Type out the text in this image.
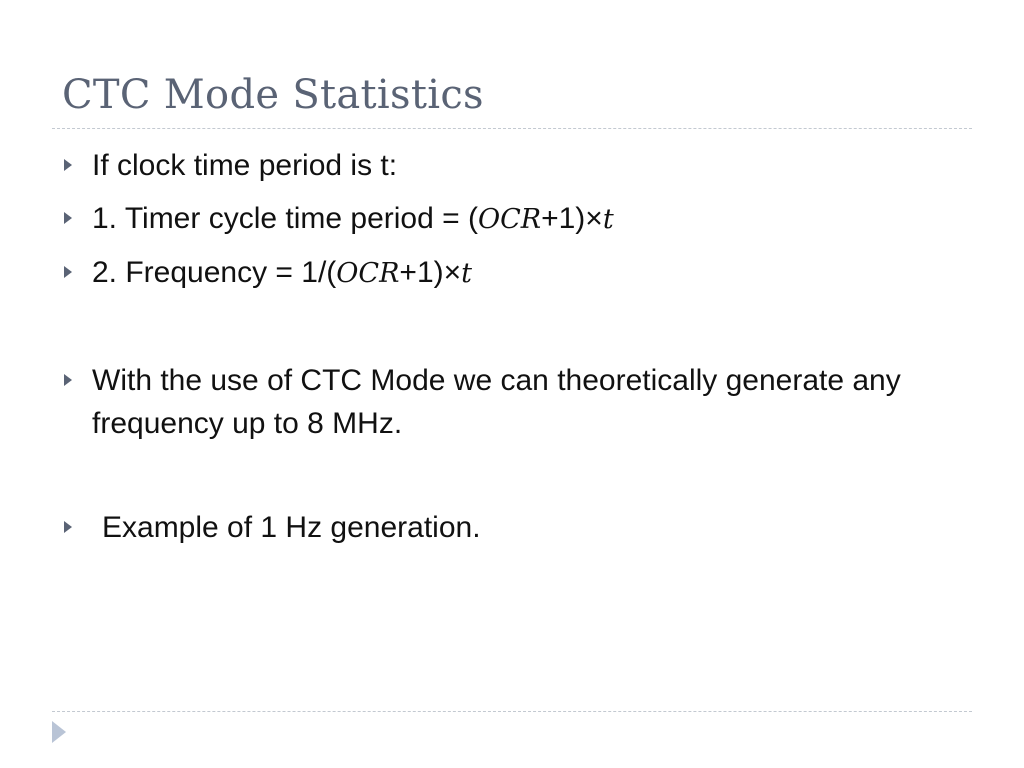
CTC Mode Statistics
If clock time period is t:
1. Timer cycle time period = (OCR+1)×t
2. Frequency = 1/(OCR+1)×t
With the use of CTC Mode we can theoretically generate any frequency up to 8 MHz.
Example of 1 Hz generation.
